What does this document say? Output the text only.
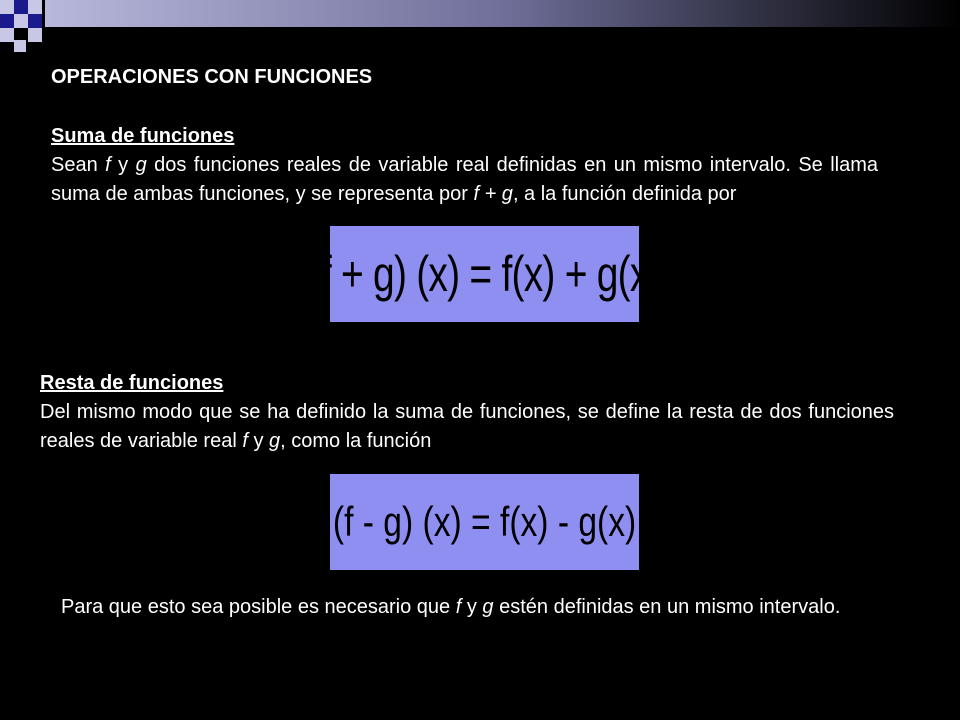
OPERACIONES CON FUNCIONES
Suma de funciones
Sean f y g dos funciones reales de variable real definidas en un mismo intervalo. Se llama suma de ambas funciones, y se representa por f + g, a la función definida por
(f + g) (x) = f(x) + g(x)
Resta de funciones
Del mismo modo que se ha definido la suma de funciones, se define la resta de dos funciones reales de variable real f y g, como la función
(f - g) (x) = f(x) - g(x)
Para que esto sea posible es necesario que f y g estén definidas en un mismo intervalo.
